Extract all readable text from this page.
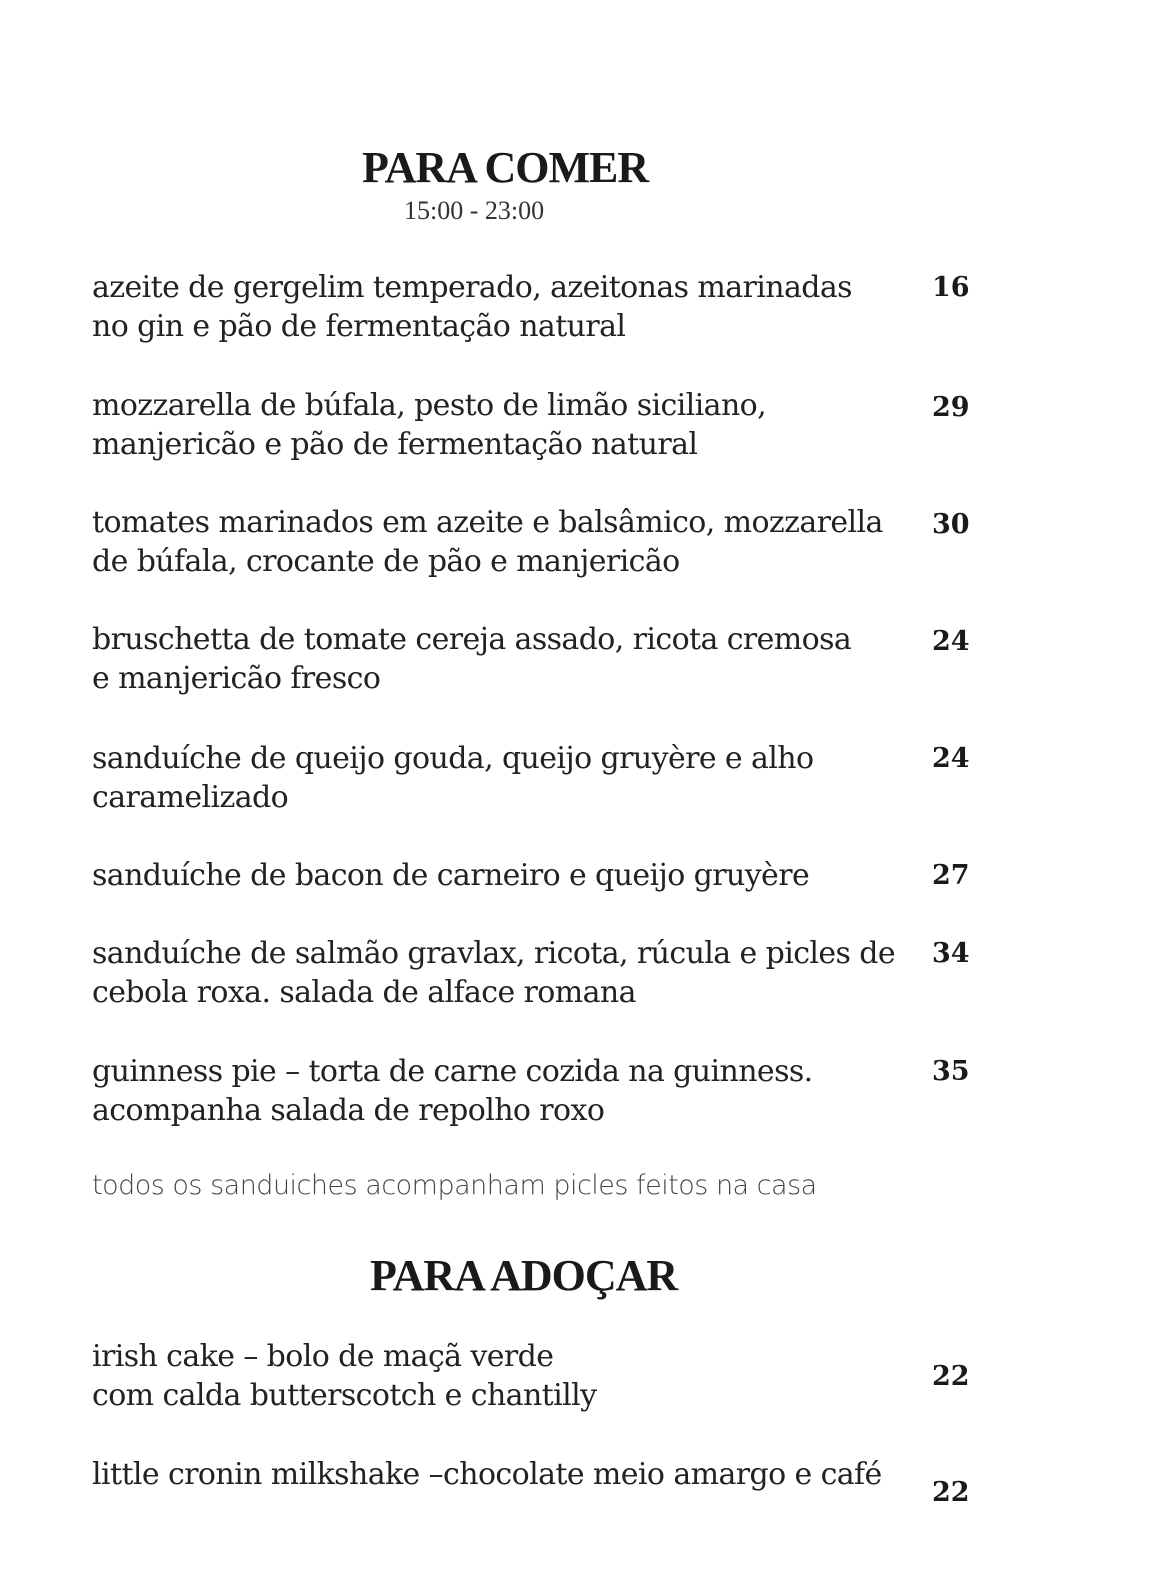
PARA COMER
15:00 - 23:00
azeite de gergelim temperado, azeitonas marinadas
no gin e pão de fermentação natural
16
mozzarella de búfala, pesto de limão siciliano,
manjericão e pão de fermentação natural
29
tomates marinados em azeite e balsâmico, mozzarella
de búfala, crocante de pão e manjericão
30
bruschetta de tomate cereja assado, ricota cremosa
e manjericão fresco
24
sanduíche de queijo gouda, queijo gruyère e alho
caramelizado
24
sanduíche de bacon de carneiro e queijo gruyère	27
sanduíche de salmão gravlax, ricota, rúcula e picles de
cebola roxa. salada de alface romana
34
guinness pie – torta de carne cozida na guinness.
acompanha salada de repolho roxo
35
todos os sanduiches acompanham picles feitos na casa
PARA ADOÇAR
irish cake – bolo de maçã verde
com calda butterscotch e chantilly
22
little cronin milkshake –chocolate meio amargo e café
22
